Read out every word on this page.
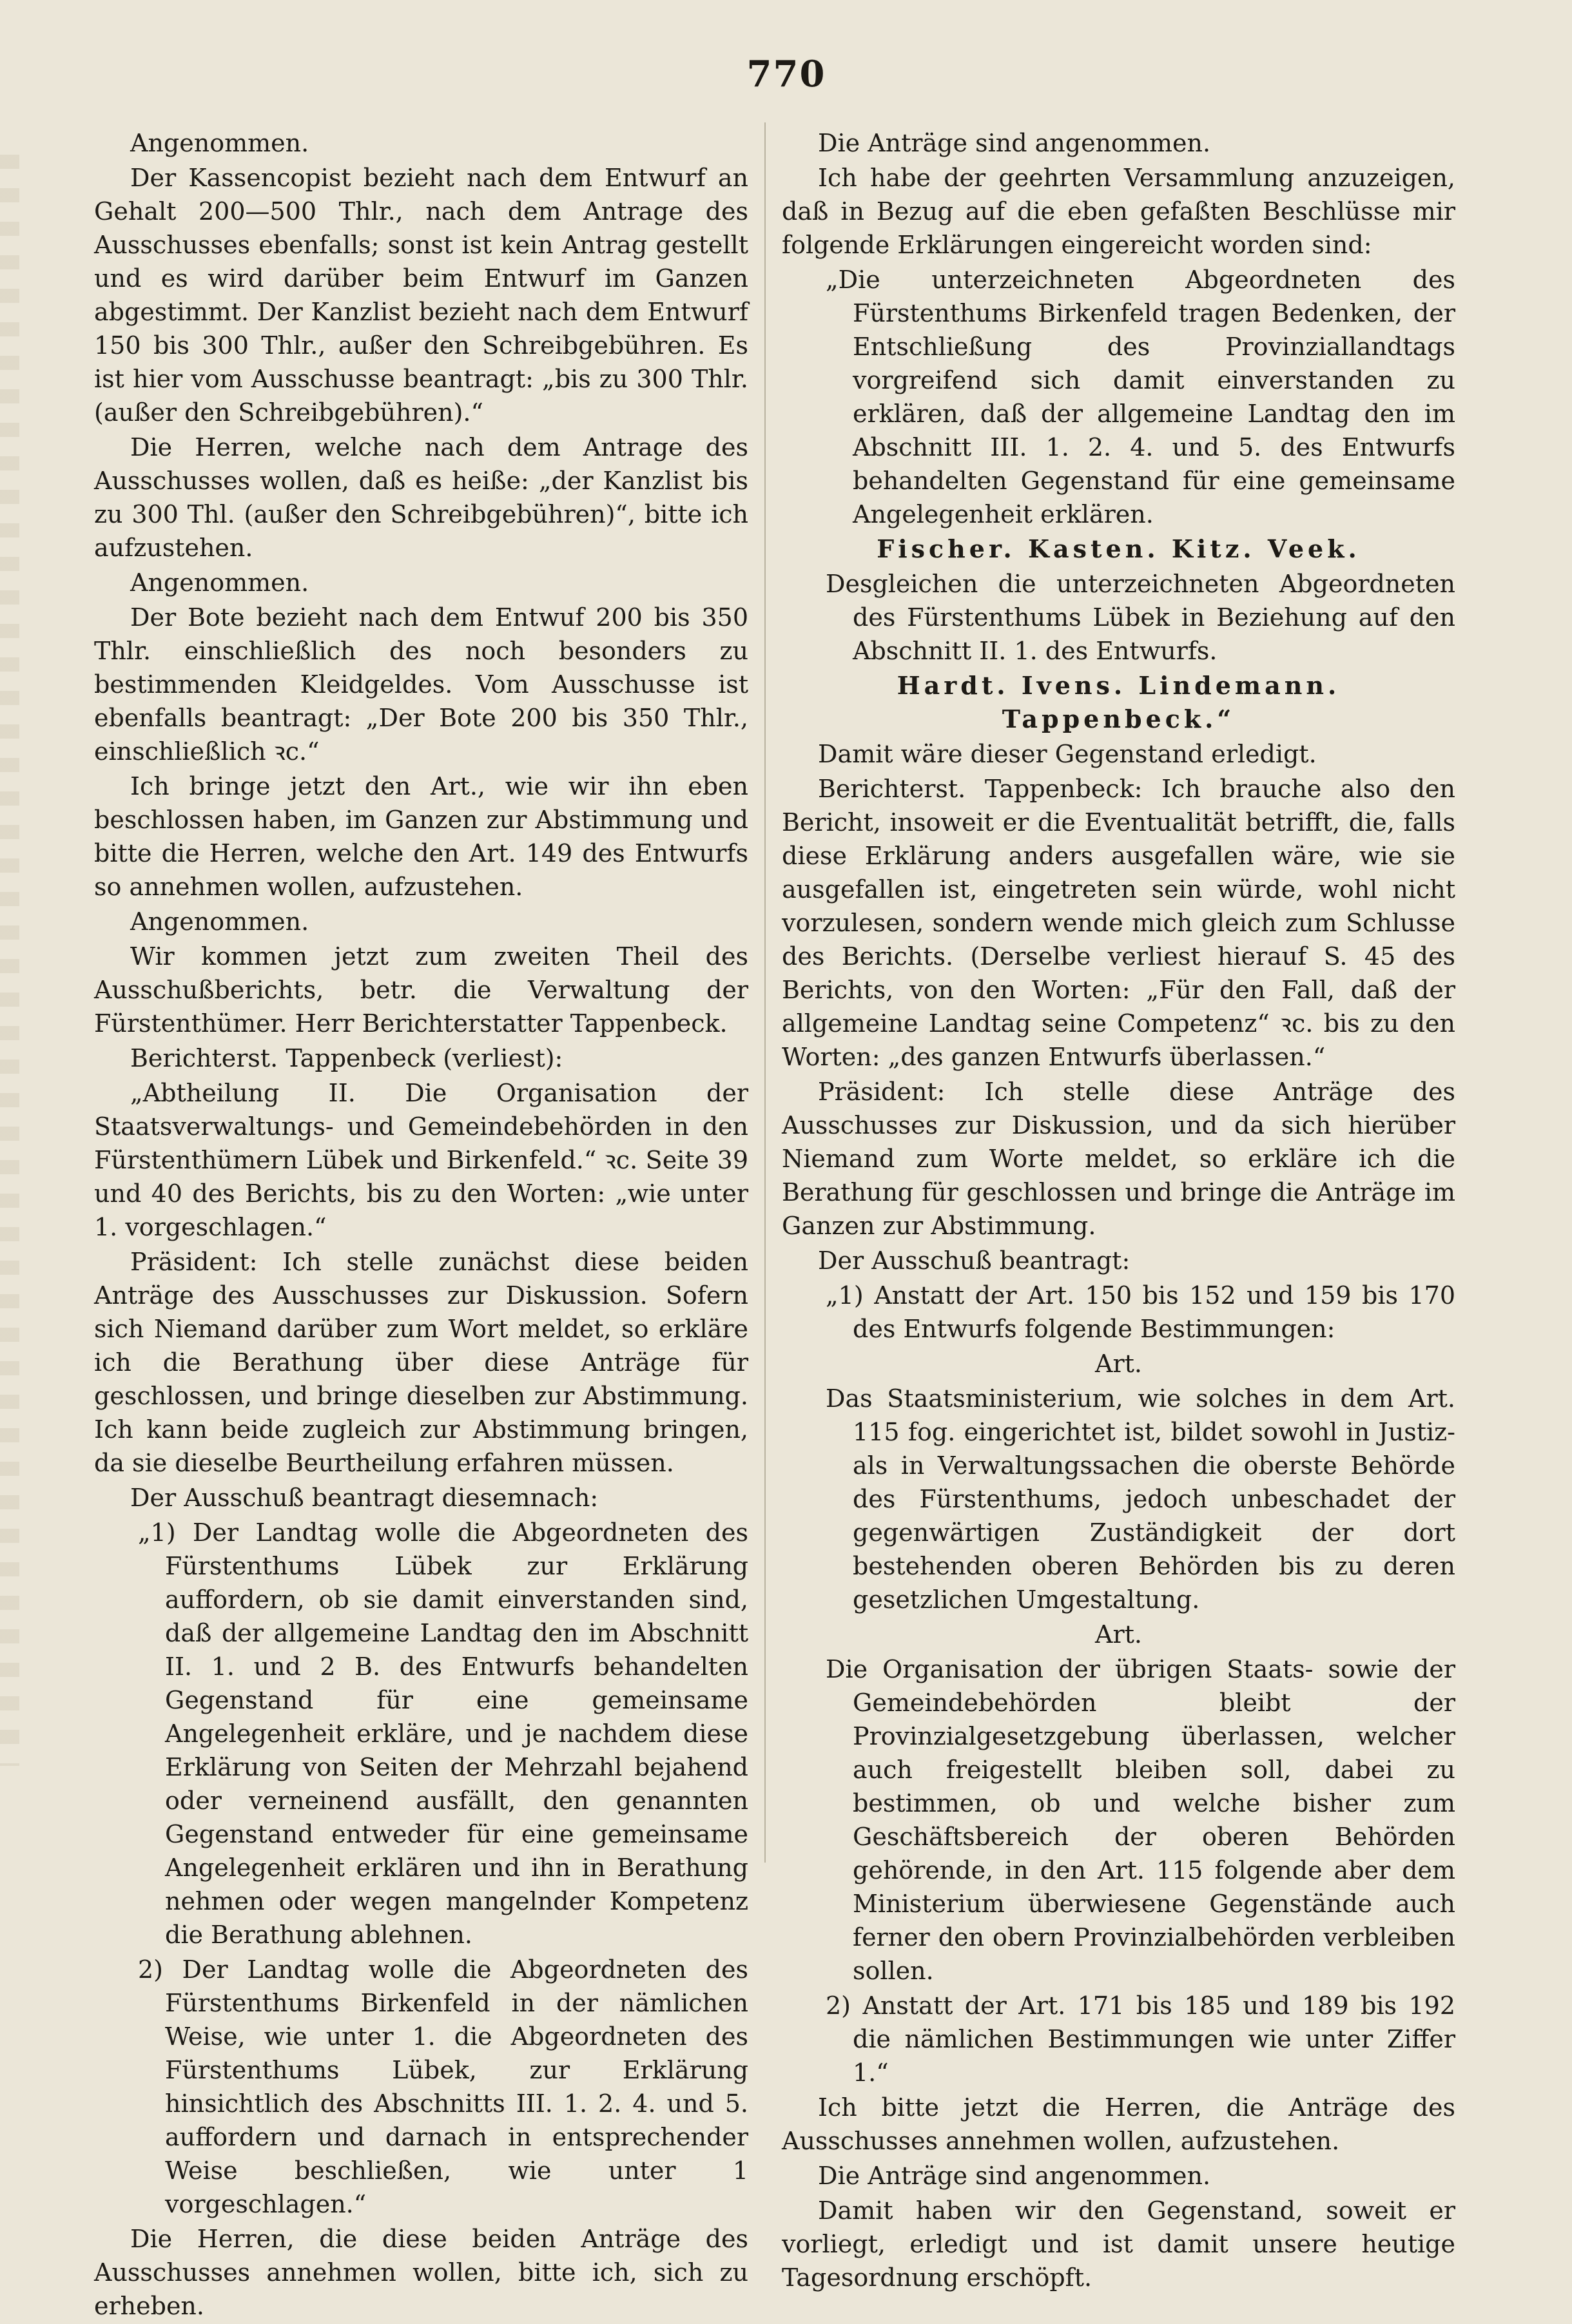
770

Angenommen.

Der Kassencopist bezieht nach dem Entwurf an Gehalt 200—500 Thlr., nach dem Antrage des Ausschusses ebenfalls; sonst ist kein Antrag gestellt und es wird darüber beim Entwurf im Ganzen abgestimmt. Der Kanzlist bezieht nach dem Entwurf 150 bis 300 Thlr., außer den Schreibgebühren. Es ist hier vom Ausschusse beantragt: „bis zu 300 Thlr. (außer den Schreibgebühren).“

Die Herren, welche nach dem Antrage des Ausschusses wollen, daß es heiße: „der Kanzlist bis zu 300 Thl. (außer den Schreibgebühren)“, bitte ich aufzustehen.

Angenommen.

Der Bote bezieht nach dem Entwuf 200 bis 350 Thlr. einschließlich des noch besonders zu bestimmenden Kleidgeldes. Vom Ausschusse ist ebenfalls beantragt: „Der Bote 200 bis 350 Thlr., einschließlich ꝛc.“

Ich bringe jetzt den Art., wie wir ihn eben beschlossen haben, im Ganzen zur Abstimmung und bitte die Herren, welche den Art. 149 des Entwurfs so annehmen wollen, aufzustehen.

Angenommen.

Wir kommen jetzt zum zweiten Theil des Ausschußberichts, betr. die Verwaltung der Fürstenthümer. Herr Berichterstatter Tappenbeck.

Berichterst. Tappenbeck (verliest):

„Abtheilung II. Die Organisation der Staatsverwaltungs- und Gemeindebehörden in den Fürstenthümern Lübek und Birkenfeld.“ ꝛc. Seite 39 und 40 des Berichts, bis zu den Worten: „wie unter 1. vorgeschlagen.“

Präsident: Ich stelle zunächst diese beiden Anträge des Ausschusses zur Diskussion. Sofern sich Niemand darüber zum Wort meldet, so erkläre ich die Berathung über diese Anträge für geschlossen, und bringe dieselben zur Abstimmung. Ich kann beide zugleich zur Abstimmung bringen, da sie dieselbe Beurtheilung erfahren müssen.

Der Ausschuß beantragt diesemnach:

„1) Der Landtag wolle die Abgeordneten des Fürstenthums Lübek zur Erklärung auffordern, ob sie damit einverstanden sind, daß der allgemeine Landtag den im Abschnitt II. 1. und 2 B. des Entwurfs behandelten Gegenstand für eine gemeinsame Angelegenheit erkläre, und je nachdem diese Erklärung von Seiten der Mehrzahl bejahend oder verneinend ausfällt, den genannten Gegenstand entweder für eine gemeinsame Angelegenheit erklären und ihn in Berathung nehmen oder wegen mangelnder Kompetenz die Berathung ablehnen.

2) Der Landtag wolle die Abgeordneten des Fürstenthums Birkenfeld in der nämlichen Weise, wie unter 1. die Abgeordneten des Fürstenthums Lübek, zur Erklärung hinsichtlich des Abschnitts III. 1. 2. 4. und 5. auffordern und darnach in entsprechender Weise beschließen, wie unter 1 vorgeschlagen.“

Die Herren, die diese beiden Anträge des Ausschusses annehmen wollen, bitte ich, sich zu erheben.

Die Anträge sind angenommen.

Ich habe der geehrten Versammlung anzuzeigen, daß in Bezug auf die eben gefaßten Beschlüsse mir folgende Erklärungen eingereicht worden sind:

„Die unterzeichneten Abgeordneten des Fürstenthums Birkenfeld tragen Bedenken, der Entschließung des Provinziallandtags vorgreifend sich damit einverstanden zu erklären, daß der allgemeine Landtag den im Abschnitt III. 1. 2. 4. und 5. des Entwurfs behandelten Gegenstand für eine gemeinsame Angelegenheit erklären.

Fischer. Kasten. Kitz. Veek.

Desgleichen die unterzeichneten Abgeordneten des Fürstenthums Lübek in Beziehung auf den Abschnitt II. 1. des Entwurfs.

Hardt. Ivens. Lindemann. Tappenbeck.“

Damit wäre dieser Gegenstand erledigt.

Berichterst. Tappenbeck: Ich brauche also den Bericht, insoweit er die Eventualität betrifft, die, falls diese Erklärung anders ausgefallen wäre, wie sie ausgefallen ist, eingetreten sein würde, wohl nicht vorzulesen, sondern wende mich gleich zum Schlusse des Berichts. (Derselbe verliest hierauf S. 45 des Berichts, von den Worten: „Für den Fall, daß der allgemeine Landtag seine Competenz“ ꝛc. bis zu den Worten: „des ganzen Entwurfs überlassen.“

Präsident: Ich stelle diese Anträge des Ausschusses zur Diskussion, und da sich hierüber Niemand zum Worte meldet, so erkläre ich die Berathung für geschlossen und bringe die Anträge im Ganzen zur Abstimmung.

Der Ausschuß beantragt:

„1) Anstatt der Art. 150 bis 152 und 159 bis 170 des Entwurfs folgende Bestimmungen:

Art.

Das Staatsministerium, wie solches in dem Art. 115 fog. eingerichtet ist, bildet sowohl in Justiz- als in Verwaltungssachen die oberste Behörde des Fürstenthums, jedoch unbeschadet der gegenwärtigen Zuständigkeit der dort bestehenden oberen Behörden bis zu deren gesetzlichen Umgestaltung.

Art.

Die Organisation der übrigen Staats- sowie der Gemeindebehörden bleibt der Provinzialgesetzgebung überlassen, welcher auch freigestellt bleiben soll, dabei zu bestimmen, ob und welche bisher zum Geschäftsbereich der oberen Behörden gehörende, in den Art. 115 folgende aber dem Ministerium überwiesene Gegenstände auch ferner den obern Provinzialbehörden verbleiben sollen.

2) Anstatt der Art. 171 bis 185 und 189 bis 192 die nämlichen Bestimmungen wie unter Ziffer 1.“

Ich bitte jetzt die Herren, die Anträge des Ausschusses annehmen wollen, aufzustehen.

Die Anträge sind angenommen.

Damit haben wir den Gegenstand, soweit er vorliegt, erledigt und ist damit unsere heutige Tagesordnung erschöpft.
